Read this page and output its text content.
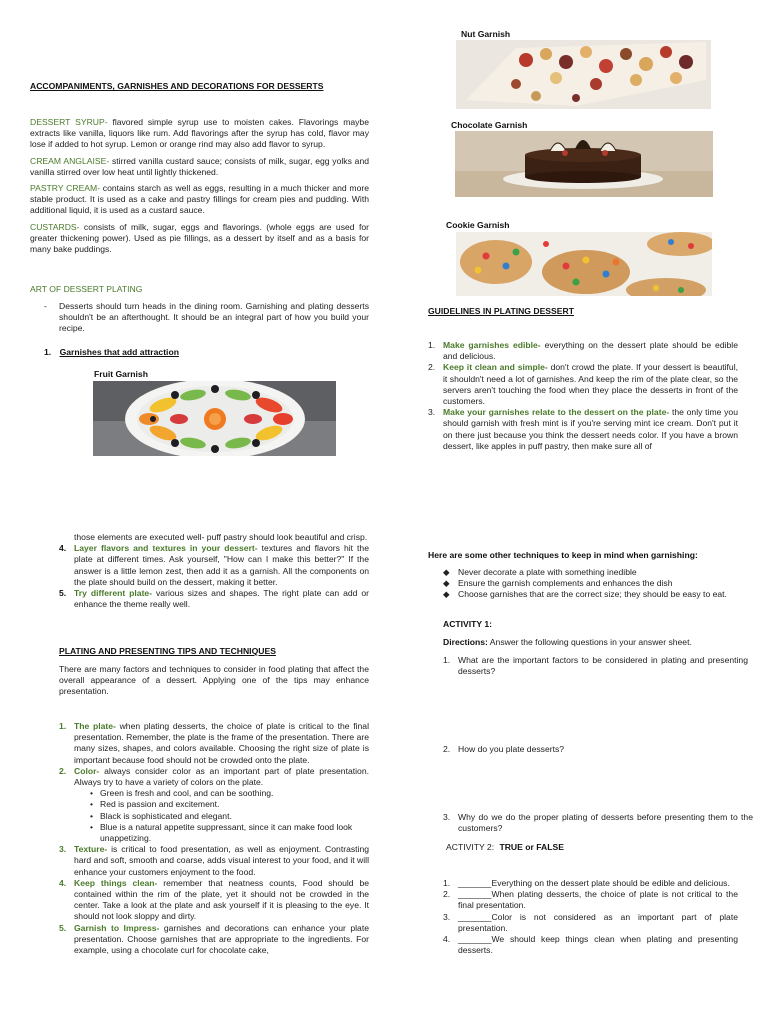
ACCOMPANIMENTS, GARNISHES AND DECORATIONS FOR DESSERTS

DESSERT SYRUP- flavored simple syrup use to moisten cakes. Flavorings maybe extracts like vanilla, liquors like rum. Add flavorings after the syrup has cold, flavor may lose if added to hot syrup. Lemon or orange rind may also add flavor to syrup.

CREAM ANGLAISE- stirred vanilla custard sauce; consists of milk, sugar, egg yolks and vanilla stirred over low heat until lightly thickened.

PASTRY CREAM- contains starch as well as eggs, resulting in a much thicker and more stable product. It is used as a cake and pastry fillings for cream pies and pudding. With additional liquid, it is used as a custard sauce.

CUSTARDS- consists of milk, sugar, eggs and flavorings. (whole eggs are used for greater thickening power). Used as pie fillings, as a dessert by itself and as a basis for many bake puddings.

ART OF DESSERT PLATING
- Desserts should turn heads in the dining room. Garnishing and plating desserts shouldn't be an afterthought. It should be an integral part of how you build your recipe.

1. Garnishes that add attraction
Fruit Garnish
Nut Garnish
Chocolate Garnish
Cookie Garnish
GUIDELINES IN PLATING DESSERT
1. Make garnishes edible- everything on the dessert plate should be edible and delicious.
2. Keep it clean and simple- don't crowd the plate. If your dessert is beautiful, it shouldn't need a lot of garnishes. And keep the rim of the plate clear, so the servers aren't touching the food when they place the desserts in front of the customers.
3. Make your garnishes relate to the dessert on the plate- the only time you should garnish with fresh mint is if you're serving mint ice cream. Don't put it on there just because you think the dessert needs color. If you have a brown dessert, like apples in puff pastry, then make sure all of
those elements are executed well- puff pastry should look beautiful and crisp.
4. Layer flavors and textures in your dessert- textures and flavors hit the plate at different times. Ask yourself, "How can I make this better?" If the answer is a little lemon zest, then add it as a garnish. All the components on the plate should build on the dessert, making it better.
5. Try different plate- various sizes and shapes. The right plate can add or enhance the theme really well.
PLATING AND PRESENTING TIPS AND TECHNIQUES

There are many factors and techniques to consider in food plating that affect the overall appearance of a dessert. Applying one of the tips may enhance presentation.

1. The plate- when plating desserts, the choice of plate is critical to the final presentation. Remember, the plate is the frame of the presentation. There are many sizes, shapes, and colors available. Choosing the right size of plate is important because food should not be crowded onto the plate.
2. Color- always consider color as an important part of plate presentation. Always try to have a variety of colors on the plate.
• Green is fresh and cool, and can be soothing.
• Red is passion and excitement.
• Black is sophisticated and elegant.
• Blue is a natural appetite suppressant, since it can make food look unappetizing.
3. Texture- is critical to food presentation, as well as enjoyment. Contrasting hard and soft, smooth and coarse, adds visual interest to your food, and it will enhance your customers enjoyment to the food.
4. Keep things clean- remember that neatness counts, Food should be contained within the rim of the plate, yet it should not be crowded in the center. Take a look at the plate and ask yourself if it is pleasing to the eye. It should not look sloppy and dirty.
5. Garnish to Impress- garnishes and decorations can enhance your plate presentation. Choose garnishes that are appropriate to the ingredients. For example, using a chocolate curl for chocolate cake,
Here are some other techniques to keep in mind when garnishing:
◆ Never decorate a plate with something inedible
◆ Ensure the garnish complements and enhances the dish
◆ Choose garnishes that are the correct size; they should be easy to eat.
ACTIVITY 1:
Directions: Answer the following questions in your answer sheet.
1. What are the important factors to be considered in plating and presenting desserts?
2. How do you plate desserts?
3. Why do we do the proper plating of desserts before presenting them to the customers?
ACTIVITY 2: TRUE or FALSE
1. _______Everything on the dessert plate should be edible and delicious.
2. _______When plating desserts, the choice of plate is not critical to the final presentation.
3. _______Color is not considered as an important part of plate presentation.
4. _______We should keep things clean when plating and presenting desserts.
